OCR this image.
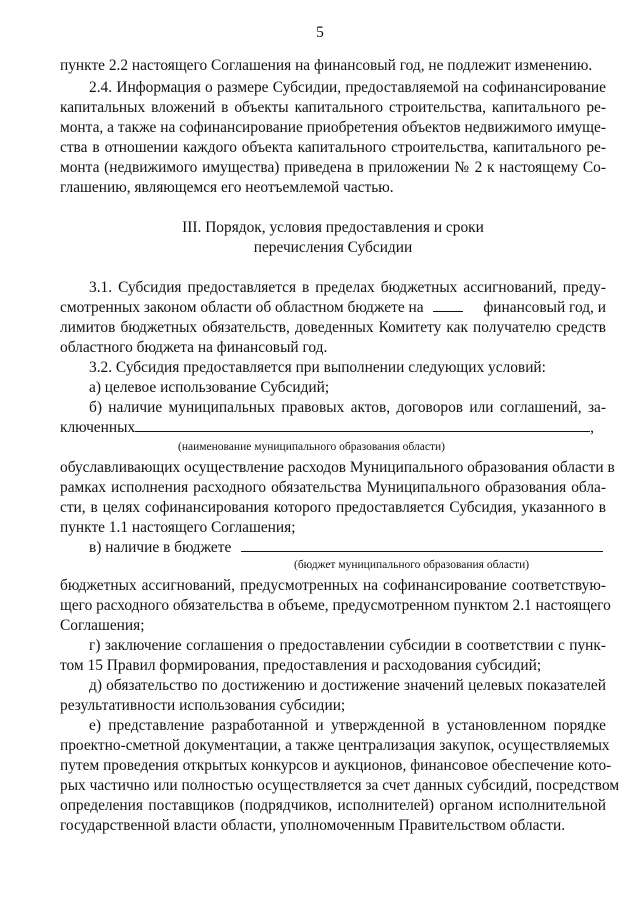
5
пункте 2.2 настоящего Соглашения на финансовый год, не подлежит изменению.
2.4. Информация о размере Субсидии, предоставляемой на софинансирование
капитальных вложений в объекты капитального строительства, капитального ре-
монта, а также на софинансирование приобретения объектов недвижимого имуще-
ства в отношении каждого объекта капитального строительства, капитального ре-
монта (недвижимого имущества) приведена в приложении № 2 к настоящему Со-
глашению, являющемся его неотъемлемой частью.
III. Порядок, условия предоставления и сроки
перечисления Субсидии
3.1. Субсидия предоставляется в пределах бюджетных ассигнований, преду-
смотренных законом области об областном бюджете на	финансовый год, и
лимитов бюджетных обязательств, доведенных Комитету как получателю средств
областного бюджета на финансовый год.
3.2. Субсидия предоставляется при выполнении следующих условий:
а) целевое использование Субсидий;
б) наличие муниципальных правовых актов, договоров или соглашений, за-
ключенных	,
(наименование муниципального образования области)
обуславливающих осуществление расходов Муниципального образования области в
рамках исполнения расходного обязательства Муниципального образования обла-
сти, в целях софинансирования которого предоставляется Субсидия, указанного в
пункте 1.1 настоящего Соглашения;
в) наличие в бюджете
(бюджет муниципального образования области)
бюджетных ассигнований, предусмотренных на софинансирование соответствую-
щего расходного обязательства в объеме, предусмотренном пунктом 2.1 настоящего
Соглашения;
г) заключение соглашения о предоставлении субсидии в соответствии с пунк-
том 15 Правил формирования, предоставления и расходования субсидий;
д) обязательство по достижению и достижение значений целевых показателей
результативности использования субсидии;
е) представление разработанной и утвержденной в установленном порядке
проектно-сметной документации, а также централизация закупок, осуществляемых
путем проведения открытых конкурсов и аукционов, финансовое обеспечение кото-
рых частично или полностью осуществляется за счет данных субсидий, посредством
определения поставщиков (подрядчиков, исполнителей) органом исполнительной
государственной власти области, уполномоченным Правительством области.
